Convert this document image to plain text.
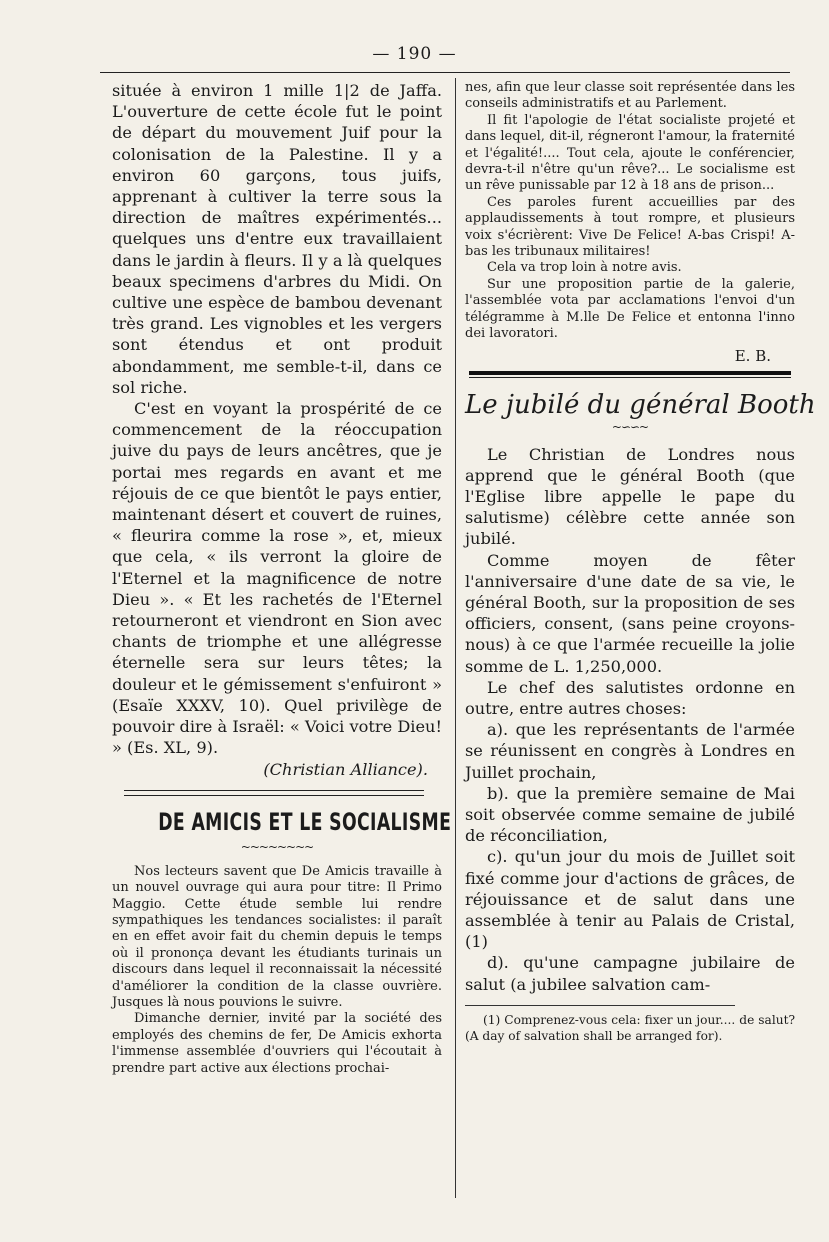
— 190 —

située à environ 1 mille 1|2 de Jaffa. L'ouverture de cette école fut le point de départ du mouvement Juif pour la colonisation de la Palestine. Il y a environ 60 garçons, tous juifs, apprenant à cultiver la terre sous la direction de maîtres expérimentés... quelques uns d'entre eux travaillaient dans le jardin à fleurs. Il y a là quelques beaux specimens d'arbres du Midi. On cultive une espèce de bambou devenant très grand. Les vignobles et les vergers sont étendus et ont produit abondamment, me semble-t-il, dans ce sol riche.

C'est en voyant la prospérité de ce commencement de la réoccupation juive du pays de leurs ancêtres, que je portai mes regards en avant et me réjouis de ce que bientôt le pays entier, maintenant désert et couvert de ruines, « fleurira comme la rose », et, mieux que cela, « ils verront la gloire de l'Eternel et la magnificence de notre Dieu ». « Et les rachetés de l'Eternel retourneront et viendront en Sion avec chants de triomphe et une allégresse éternelle sera sur leurs têtes; la douleur et le gémissement s'enfuiront » (Esaïe XXXV, 10). Quel privilège de pouvoir dire à Israël: « Voici votre Dieu! » (Es. XL, 9).

(Christian Alliance).

DE AMICIS ET LE SOCIALISME
~~~~~~~~

Nos lecteurs savent que De Amicis travaille à un nouvel ouvrage qui aura pour titre: Il Primo Maggio. Cette étude semble lui rendre sympathiques les tendances socialistes: il paraît en en effet avoir fait du chemin depuis le temps où il prononça devant les étudiants turinais un discours dans lequel il reconnaissait la nécessité d'améliorer la condition de la classe ouvrière. Jusques là nous pouvions le suivre.

Dimanche dernier, invité par la société des employés des chemins de fer, De Amicis exhorta l'immense assemblée d'ouvriers qui l'écoutait à prendre part active aux élections prochai-

nes, afin que leur classe soit représentée dans les conseils administratifs et au Parlement.

Il fit l'apologie de l'état socialiste projeté et dans lequel, dit-il, régneront l'amour, la fraternité et l'égalité!.... Tout cela, ajoute le conférencier, devra-t-il n'être qu'un rêve?... Le socialisme est un rêve punissable par 12 à 18 ans de prison...

Ces paroles furent accueillies par des applaudissements à tout rompre, et plusieurs voix s'écrièrent: Vive De Felice! A-bas Crispi! A-bas les tribunaux militaires!

Cela va trop loin à notre avis.

Sur une proposition partie de la galerie, l'assemblée vota par acclamations l'envoi d'un télégramme à M.lle De Felice et entonna l'inno dei lavoratori.

E. B.

Le jubilé du général Booth
~∽∽~

Le Christian de Londres nous apprend que le général Booth (que l'Eglise libre appelle le pape du salutisme) célèbre cette année son jubilé.

Comme moyen de fêter l'anniversaire d'une date de sa vie, le général Booth, sur la proposition de ses officiers, consent, (sans peine croyons-nous) à ce que l'armée recueille la jolie somme de L. 1,250,000.

Le chef des salutistes ordonne en outre, entre autres choses:

a). que les représentants de l'armée se réunissent en congrès à Londres en Juillet prochain,

b). que la première semaine de Mai soit observée comme semaine de jubilé de réconciliation,

c). qu'un jour du mois de Juillet soit fixé comme jour d'actions de grâces, de réjouissance et de salut dans une assemblée à tenir au Palais de Cristal, (1)

d). qu'une campagne jubilaire de salut (a jubilee salvation cam-

(1) Comprenez-vous cela: fixer un jour.... de salut? (A day of salvation shall be arranged for).
